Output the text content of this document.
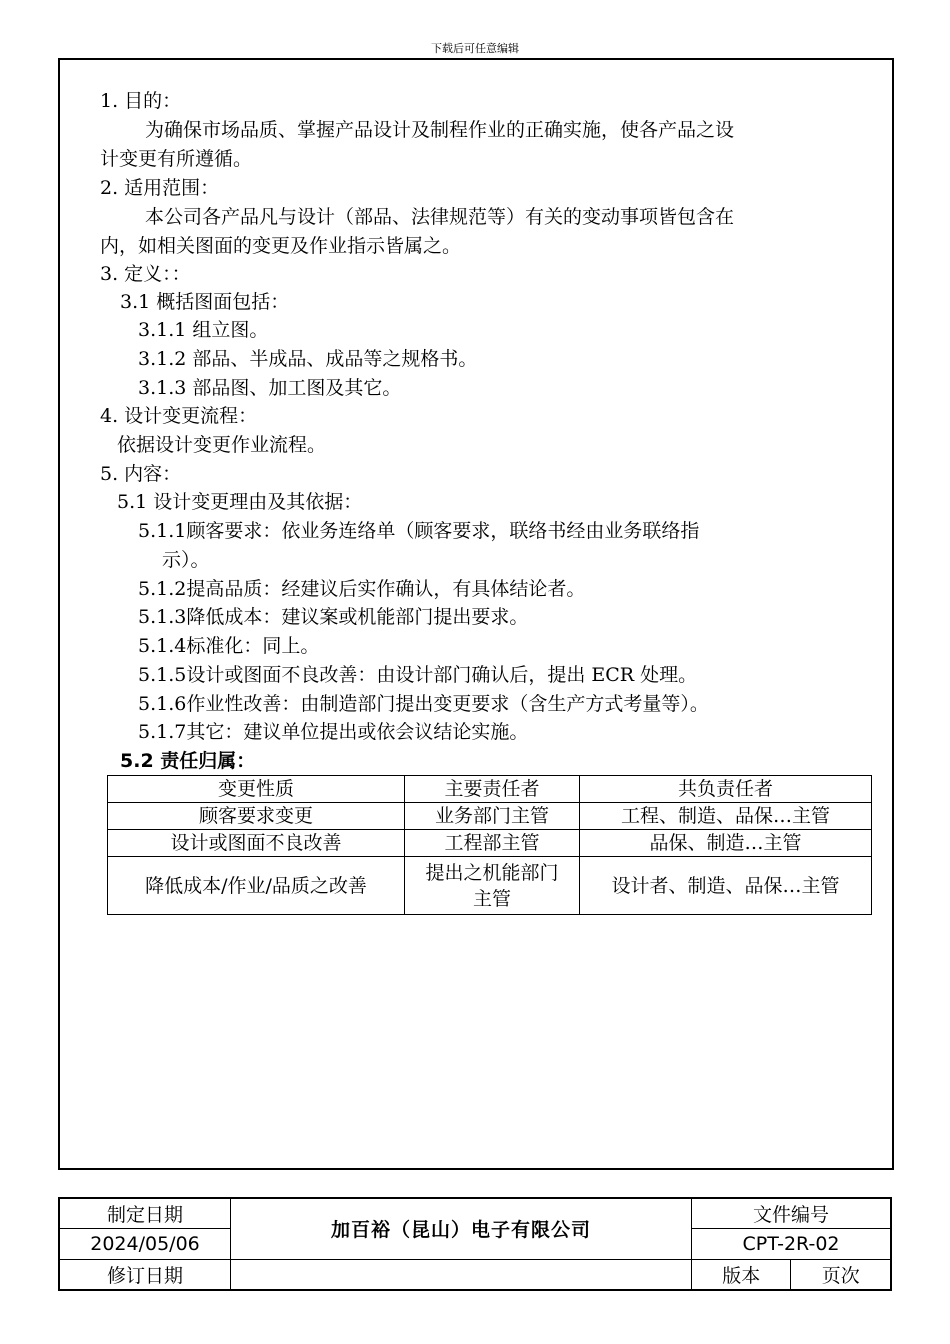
下载后可任意编辑
1. 目的：
为确保市场品质、掌握产品设计及制程作业的正确实施，使各产品之设
计变更有所遵循。
2. 适用范围：
本公司各产品凡与设计（部品、法律规范等）有关的变动事项皆包含在
内，如相关图面的变更及作业指示皆属之。
3. 定义：：
3.1 概括图面包括：
3.1.1 组立图。
3.1.2 部品、半成品、成品等之规格书。
3.1.3 部品图、加工图及其它。
4. 设计变更流程：
依据设计变更作业流程。
5. 内容：
5.1 设计变更理由及其依据：
5.1.1顾客要求：依业务连络单（顾客要求，联络书经由业务联络指
示）。
5.1.2提高品质：经建议后实作确认，有具体结论者。
5.1.3降低成本：建议案或机能部门提出要求。
5.1.4标准化：同上。
5.1.5设计或图面不良改善：由设计部门确认后，提出 ECR 处理。
5.1.6作业性改善：由制造部门提出变更要求（含生产方式考量等）。
5.1.7其它：建议单位提出或依会议结论实施。
5.2 责任归属：
变更性质	主要责任者	共负责任者
顾客要求变更	业务部门主管	工程、制造、品保…主管
设计或图面不良改善	工程部主管	品保、制造…主管
降低成本/作业/品质之改善	提出之机能部门主管	设计者、制造、品保…主管
制定日期	加百裕（昆山）电子有限公司	文件编号	
2024/05/06		CPT-2R-02	
修订日期		版本	页次
